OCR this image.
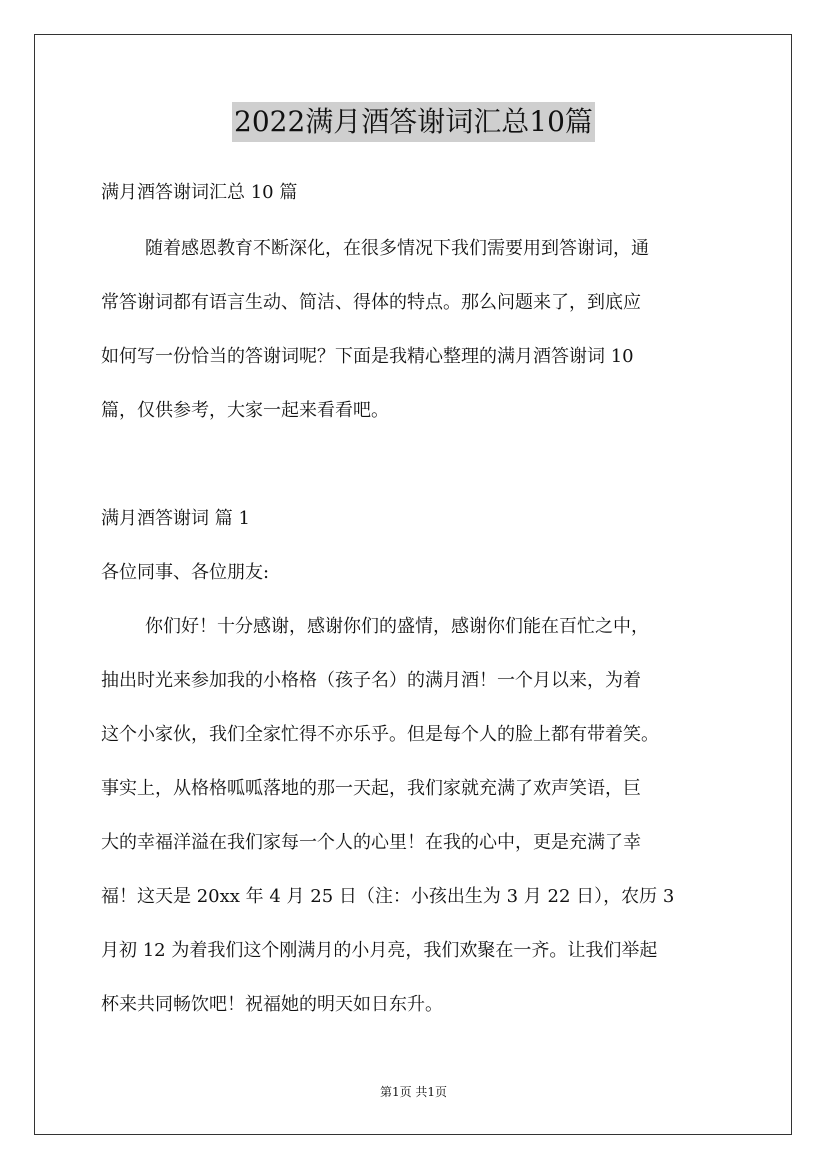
2022满月酒答谢词汇总10篇
满月酒答谢词汇总 10 篇
随着感恩教育不断深化，在很多情况下我们需要用到答谢词，通
常答谢词都有语言生动、简洁、得体的特点。那么问题来了，到底应
如何写一份恰当的答谢词呢？下面是我精心整理的满月酒答谢词 10
篇，仅供参考，大家一起来看看吧。
满月酒答谢词 篇 1
各位同事、各位朋友:
你们好！十分感谢，感谢你们的盛情，感谢你们能在百忙之中，
抽出时光来参加我的小格格（孩子名）的满月酒！一个月以来，为着
这个小家伙，我们全家忙得不亦乐乎。但是每个人的脸上都有带着笑。
事实上，从格格呱呱落地的那一天起，我们家就充满了欢声笑语，巨
大的幸福洋溢在我们家每一个人的心里！在我的心中，更是充满了幸
福！这天是 20xx 年 4 月 25 日（注：小孩出生为 3 月 22 日），农历 3
月初 12 为着我们这个刚满月的小月亮，我们欢聚在一齐。让我们举起
杯来共同畅饮吧！祝福她的明天如日东升。
第1页 共1页
